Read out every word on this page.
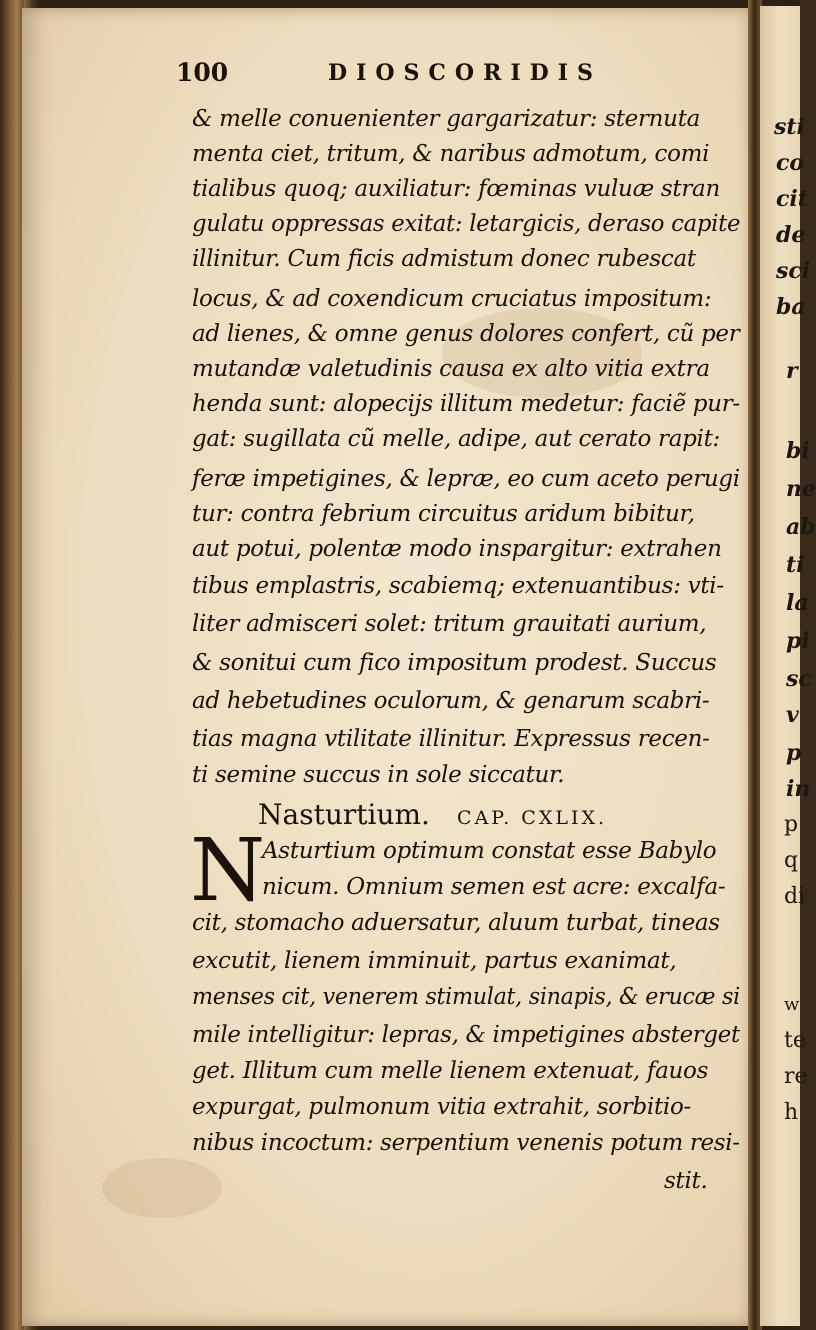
100	DIOSCORIDIS
& melle conuenienter gargarizatur: sternuta
menta ciet, tritum, & naribus admotum, comi
tialibus quoq; auxiliatur: fœminas vuluæ stran
gulatu oppressas exitat: letargicis, deraso capite
illinitur. Cum ficis admistum donec rubescat
locus, & ad coxendicum cruciatus impositum:
ad lienes, & omne genus dolores confert, cũ per
mutandæ valetudinis causa ex alto vitia extra
henda sunt: alopecijs illitum medetur: faciẽ pur-
gat: sugillata cũ melle, adipe, aut cerato rapit:
feræ impetigines, & lepræ, eo cum aceto perugi
tur: contra febrium circuitus aridum bibitur,
aut potui, polentæ modo inspargitur: extrahen
tibus emplastris, scabiemq; extenuantibus: vti-
liter admisceri solet: tritum grauitati aurium,
& sonitui cum fico impositum prodest. Succus
ad hebetudines oculorum, & genarum scabri-
tias magna vtilitate illinitur. Expressus recen-
ti semine succus in sole siccatur.
Nasturtium. CAP. CXLIX.
N
Asturtium optimum constat esse Babylo
nicum. Omnium semen est acre: excalfa-
cit, stomacho aduersatur, aluum turbat, tineas
excutit, lienem imminuit, partus exanimat,
menses cit, venerem stimulat, sinapis, & erucæ si
mile intelligitur: lepras, & impetigines absterget
get. Illitum cum melle lienem extenuat, fauos
expurgat, pulmonum vitia extrahit, sorbitio-
nibus incoctum: serpentium venenis potum resi-
stit.
sti
co
cit
de
sci
ba
r
bi
ne
ab
ti
la
pi
sc
v
p
in
p
q
di
w
te
re
h
